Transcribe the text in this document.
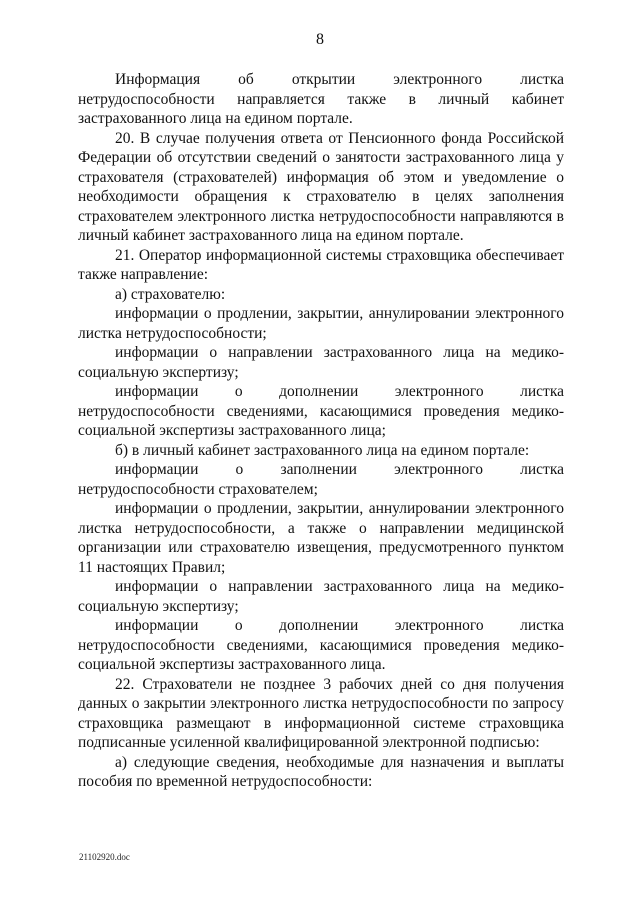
8

Информация об открытии электронного листка нетрудоспособности направляется также в личный кабинет застрахованного лица на едином портале.

20. В случае получения ответа от Пенсионного фонда Российской Федерации об отсутствии сведений о занятости застрахованного лица у страхователя (страхователей) информация об этом и уведомление о необходимости обращения к страхователю в целях заполнения страхователем электронного листка нетрудоспособности направляются в личный кабинет застрахованного лица на едином портале.

21. Оператор информационной системы страховщика обеспечивает также направление:

а) страхователю:

информации о продлении, закрытии, аннулировании электронного листка нетрудоспособности;

информации о направлении застрахованного лица на медико-социальную экспертизу;

информации о дополнении электронного листка нетрудоспособности сведениями, касающимися проведения медико-социальной экспертизы застрахованного лица;

б) в личный кабинет застрахованного лица на едином портале:

информации о заполнении электронного листка нетрудоспособности страхователем;

информации о продлении, закрытии, аннулировании электронного листка нетрудоспособности, а также о направлении медицинской организации или страхователю извещения, предусмотренного пунктом 11 настоящих Правил;

информации о направлении застрахованного лица на медико-социальную экспертизу;

информации о дополнении электронного листка нетрудоспособности сведениями, касающимися проведения медико-социальной экспертизы застрахованного лица.

22. Страхователи не позднее 3 рабочих дней со дня получения данных о закрытии электронного листка нетрудоспособности по запросу страховщика размещают в информационной системе страховщика подписанные усиленной квалифицированной электронной подписью:

а) следующие сведения, необходимые для назначения и выплаты пособия по временной нетрудоспособности:

21102920.doc
